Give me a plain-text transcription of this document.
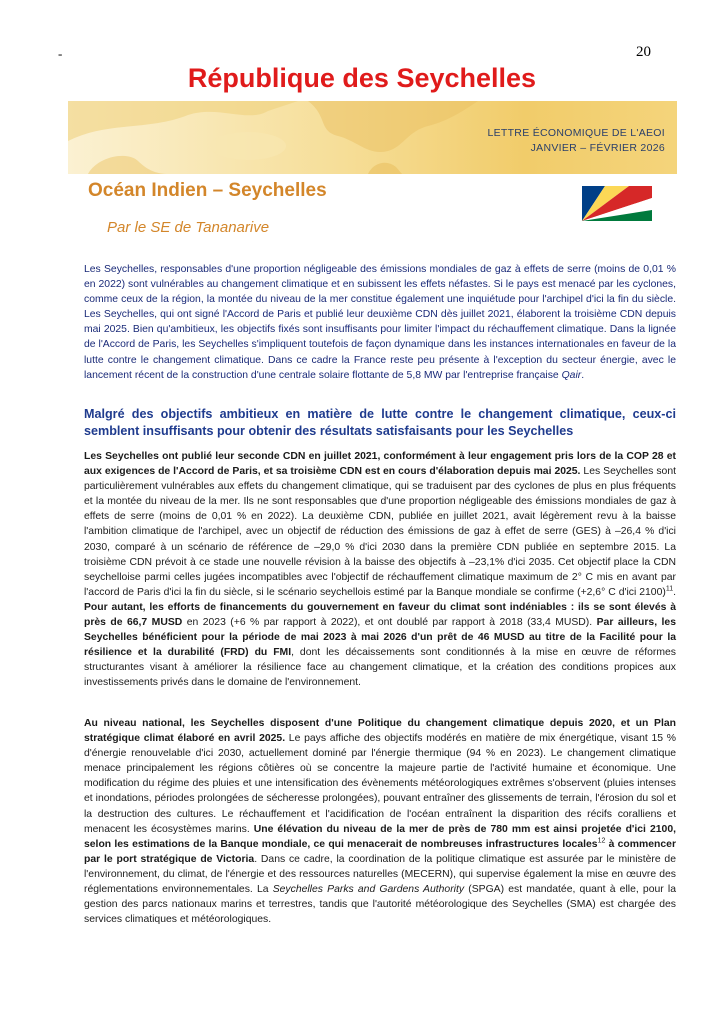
-	20
République des Seychelles
LETTRE ÉCONOMIQUE DE L'AEOI
JANVIER – FÉVRIER 2026
Océan Indien – Seychelles
Par le SE de Tananarive
Les Seychelles, responsables d'une proportion négligeable des émissions mondiales de gaz à effets de serre (moins de 0,01 % en 2022) sont vulnérables au changement climatique et en subissent les effets néfastes. Si le pays est menacé par les cyclones, comme ceux de la région, la montée du niveau de la mer constitue également une inquiétude pour l'archipel d'ici la fin du siècle. Les Seychelles, qui ont signé l'Accord de Paris et publié leur deuxième CDN dès juillet 2021, élaborent la troisième CDN depuis mai 2025. Bien qu'ambitieux, les objectifs fixés sont insuffisants pour limiter l'impact du réchauffement climatique. Dans la lignée de l'Accord de Paris, les Seychelles s'impliquent toutefois de façon dynamique dans les instances internationales en faveur de la lutte contre le changement climatique. Dans ce cadre la France reste peu présente à l'exception du secteur énergie, avec le lancement récent de la construction d'une centrale solaire flottante de 5,8 MW par l'entreprise française Qair.
Malgré des objectifs ambitieux en matière de lutte contre le changement climatique, ceux-ci semblent insuffisants pour obtenir des résultats satisfaisants pour les Seychelles
Les Seychelles ont publié leur seconde CDN en juillet 2021, conformément à leur engagement pris lors de la COP 28 et aux exigences de l'Accord de Paris, et sa troisième CDN est en cours d'élaboration depuis mai 2025. Les Seychelles sont particulièrement vulnérables aux effets du changement climatique, qui se traduisent par des cyclones de plus en plus fréquents et la montée du niveau de la mer. Ils ne sont responsables que d'une proportion négligeable des émissions mondiales de gaz à effets de serre (moins de 0,01 % en 2022). La deuxième CDN, publiée en juillet 2021, avait légèrement revu à la baisse l'ambition climatique de l'archipel, avec un objectif de réduction des émissions de gaz à effet de serre (GES) à –26,4 % d'ici 2030, comparé à un scénario de référence de –29,0 % d'ici 2030 dans la première CDN publiée en septembre 2015. La troisième CDN prévoit à ce stade une nouvelle révision à la baisse des objectifs à –23,1% d'ici 2035. Cet objectif place la CDN seychelloise parmi celles jugées incompatibles avec l'objectif de réchauffement climatique maximum de 2° C mis en avant par l'accord de Paris d'ici la fin du siècle, si le scénario seychellois estimé par la Banque mondiale se confirme (+2,6° C d'ici 2100)$^{11}$. Pour autant, les efforts de financements du gouvernement en faveur du climat sont indéniables : ils se sont élevés à près de 66,7 MUSD en 2023 (+6 % par rapport à 2022), et ont doublé par rapport à 2018 (33,4 MUSD). Par ailleurs, les Seychelles bénéficient pour la période de mai 2023 à mai 2026 d'un prêt de 46 MUSD au titre de la Facilité pour la résilience et la durabilité (FRD) du FMI, dont les décaissements sont conditionnés à la mise en œuvre de réformes structurantes visant à améliorer la résilience face au changement climatique, et la création des conditions propices aux investissements privés dans le domaine de l'environnement.
Au niveau national, les Seychelles disposent d'une Politique du changement climatique depuis 2020, et un Plan stratégique climat élaboré en avril 2025. Le pays affiche des objectifs modérés en matière de mix énergétique, visant 15 % d'énergie renouvelable d'ici 2030, actuellement dominé par l'énergie thermique (94 % en 2023). Le changement climatique menace principalement les régions côtières où se concentre la majeure partie de l'activité humaine et économique. Une modification du régime des pluies et une intensification des évènements météorologiques extrêmes s'observent (pluies intenses et inondations, périodes prolongées de sécheresse prolongées), pouvant entraîner des glissements de terrain, l'érosion du sol et la destruction des cultures. Le réchauffement et l'acidification de l'océan entraînent la disparition des récifs coralliens et menacent les écosystèmes marins. Une élévation du niveau de la mer de près de 780 mm est ainsi projetée d'ici 2100, selon les estimations de la Banque mondiale, ce qui menacerait de nombreuses infrastructures locales$^{12}$ à commencer par le port stratégique de Victoria. Dans ce cadre, la coordination de la politique climatique est assurée par le ministère de l'environnement, du climat, de l'énergie et des ressources naturelles (MECERN), qui supervise également la mise en œuvre des réglementations environnementales. La Seychelles Parks and Gardens Authority (SPGA) est mandatée, quant à elle, pour la gestion des parcs nationaux marins et terrestres, tandis que l'autorité météorologique des Seychelles (SMA) est chargée des services climatiques et météorologiques.
